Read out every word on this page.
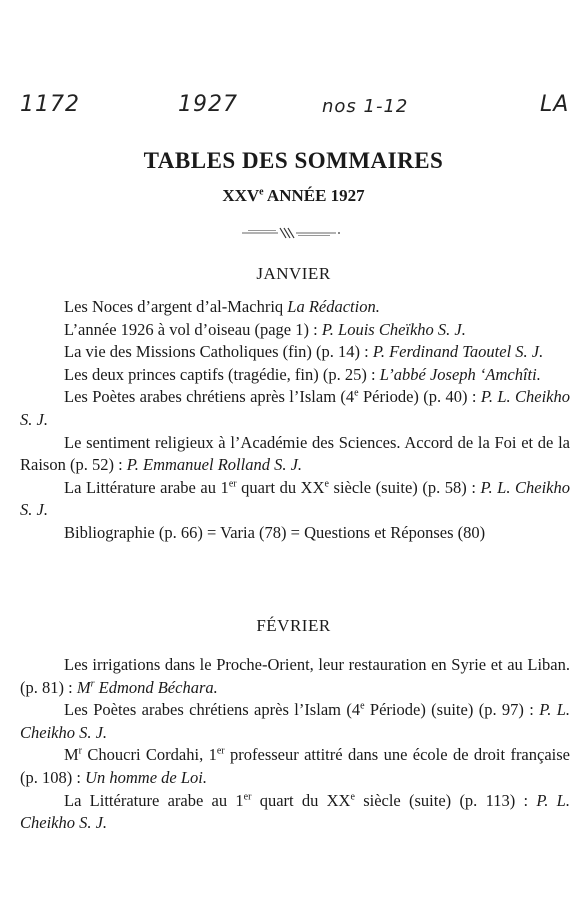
1172	1927	nos 1-12	LA
TABLES DES SOMMAIRES
XXVe ANNÉE 1927
JANVIER

Les Noces d’argent d’al-Machriq La Rédaction.

L’année 1926 à vol d’oiseau (page 1) : P. Louis Cheïkho S. J.

La vie des Missions Catholiques (fin) (p. 14) : P. Ferdinand Taoutel S. J.

Les deux princes captifs (tragédie, fin) (p. 25) : L’abbé Joseph ‘Amchîti.

Les Poètes arabes chrétiens après l’Islam (4e Période) (p. 40) : P. L. Cheikho S. J.

Le sentiment religieux à l’Académie des Sciences. Accord de la Foi et de la Raison (p. 52) : P. Emmanuel Rolland S. J.

La Littérature arabe au 1er quart du XXe siècle (suite) (p. 58) : P. L. Cheikho S. J.

Bibliographie (p. 66) = Varia (78) = Questions et Réponses (80)

FÉVRIER

Les irrigations dans le Proche-Orient, leur restauration en Syrie et au Liban. (p. 81) : $M^r$ Edmond Béchara.

Les Poètes arabes chrétiens après l’Islam (4e Période) (suite) (p. 97) : P. L. Cheikho S. J.

$M^r$ Choucri Cordahi, 1er professeur attitré dans une école de droit française (p. 108) : Un homme de Loi.

La Littérature arabe au 1er quart du XXe siècle (suite) (p. 113) : P. L. Cheikho S. J.
